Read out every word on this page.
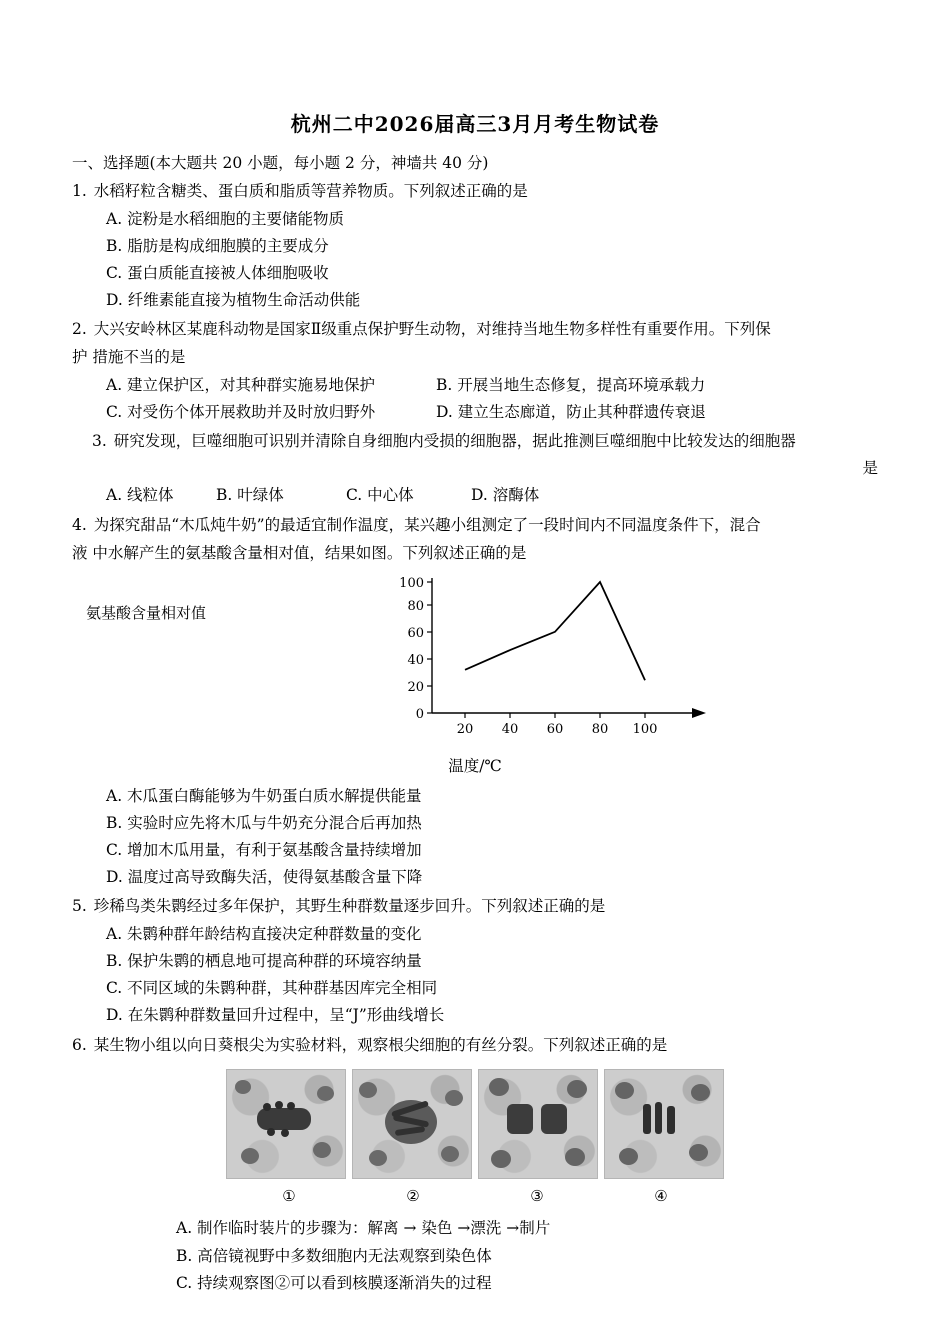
杭州二中2026届高三3月月考生物试卷
一、选择题(本大题共 20 小题，每小题 2 分，神墙共 40 分)
1. 水稻籽粒含糖类、蛋白质和脂质等营养物质。下列叙述正确的是
A. 淀粉是水稻细胞的主要储能物质
B. 脂肪是构成细胞膜的主要成分
C. 蛋白质能直接被人体细胞吸收
D. 纤维素能直接为植物生命活动供能
2. 大兴安岭林区某鹿科动物是国家Ⅱ级重点保护野生动物，对维持当地生物多样性有重要作用。下列保
护 措施不当的是
A. 建立保护区，对其种群实施易地保护	B. 开展当地生态修复，提高环境承载力
C. 对受伤个体开展救助并及时放归野外	D. 建立生态廊道，防止其种群遗传衰退
3. 研究发现，巨噬细胞可识别并清除自身细胞内受损的细胞器，据此推测巨噬细胞中比较发达的细胞器
是
A. 线粒体	B. 叶绿体	C. 中心体	D. 溶酶体
4. 为探究甜品“木瓜炖牛奶”的最适宜制作温度，某兴趣小组测定了一段时间内不同温度条件下，混合
液 中水解产生的氨基酸含量相对值，结果如图。下列叙述正确的是
氨基酸含量相对值
0
20
40
60
80
100
20 40 60 80 100
温度/℃
A. 木瓜蛋白酶能够为牛奶蛋白质水解提供能量
B. 实验时应先将木瓜与牛奶充分混合后再加热
C. 增加木瓜用量，有利于氨基酸含量持续增加
D. 温度过高导致酶失活，使得氨基酸含量下降
5. 珍稀鸟类朱鹮经过多年保护，其野生种群数量逐步回升。下列叙述正确的是
A. 朱鹮种群年龄结构直接决定种群数量的变化
B. 保护朱鹮的栖息地可提高种群的环境容纳量
C. 不同区域的朱鹮种群，其种群基因库完全相同
D. 在朱鹮种群数量回升过程中，呈“J”形曲线增长
6. 某生物小组以向日葵根尖为实验材料，观察根尖细胞的有丝分裂。下列叙述正确的是
①	②	③	④
A. 制作临时装片的步骤为：解离 → 染色 →漂洗 →制片
B. 高倍镜视野中多数细胞内无法观察到染色体
C. 持续观察图②可以看到核膜逐渐消失的过程
